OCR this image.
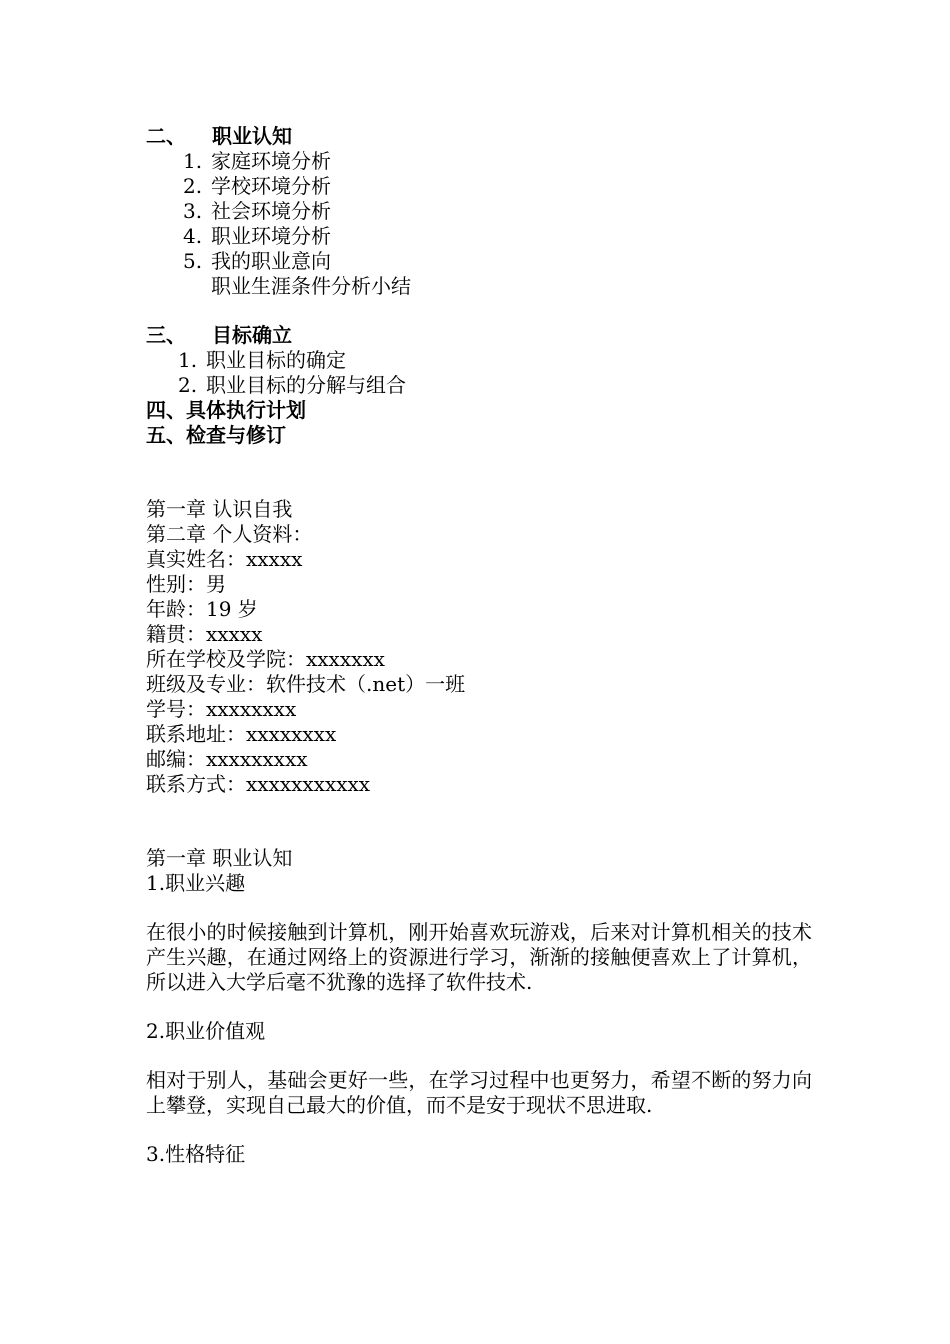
二、 职业认知
1. 家庭环境分析
2. 学校环境分析
3. 社会环境分析
4. 职业环境分析
5. 我的职业意向
职业生涯条件分析小结
三、 目标确立
1. 职业目标的确定
2. 职业目标的分解与组合
四、具体执行计划
五、检查与修订
第一章 认识自我
第二章 个人资料：
真实姓名：xxxxx
性别：男
年龄：19 岁
籍贯：xxxxx
所在学校及学院：xxxxxxx
班级及专业：软件技术（.net）一班
学号：xxxxxxxx
联系地址：xxxxxxxx
邮编：xxxxxxxxx
联系方式：xxxxxxxxxxx
第一章 职业认知
1.职业兴趣

在很小的时候接触到计算机，刚开始喜欢玩游戏，后来对计算机相关的技术产生兴趣，在通过网络上的资源进行学习，渐渐的接触便喜欢上了计算机，所以进入大学后毫不犹豫的选择了软件技术.

2.职业价值观

相对于别人，基础会更好一些，在学习过程中也更努力，希望不断的努力向上攀登，实现自己最大的价值，而不是安于现状不思进取.

3.性格特征
